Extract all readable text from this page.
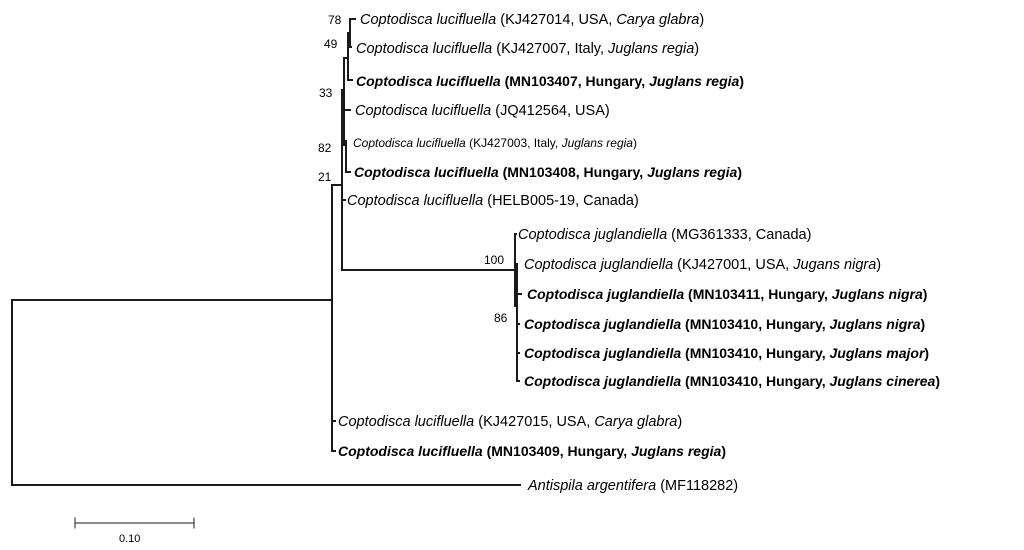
78
49
33
82
21
100
86
Coptodisca lucifluella (KJ427014, USA, Carya glabra)
Coptodisca lucifluella (KJ427007, Italy, Juglans regia)
Coptodisca lucifluella (MN103407, Hungary, Juglans regia)
Coptodisca lucifluella (JQ412564, USA)
Coptodisca lucifluella (KJ427003, Italy, Juglans regia)
Coptodisca lucifluella (MN103408, Hungary, Juglans regia)
Coptodisca lucifluella (HELB005-19, Canada)
Coptodisca juglandiella (MG361333, Canada)
Coptodisca juglandiella (KJ427001, USA, Jugans nigra)
Coptodisca juglandiella (MN103411, Hungary, Juglans nigra)
Coptodisca juglandiella (MN103410, Hungary, Juglans nigra)
Coptodisca juglandiella (MN103410, Hungary, Juglans major)
Coptodisca juglandiella (MN103410, Hungary, Juglans cinerea)
Coptodisca lucifluella (KJ427015, USA, Carya glabra)
Coptodisca lucifluella (MN103409, Hungary, Juglans regia)
Antispila argentifera (MF118282)
0.10
